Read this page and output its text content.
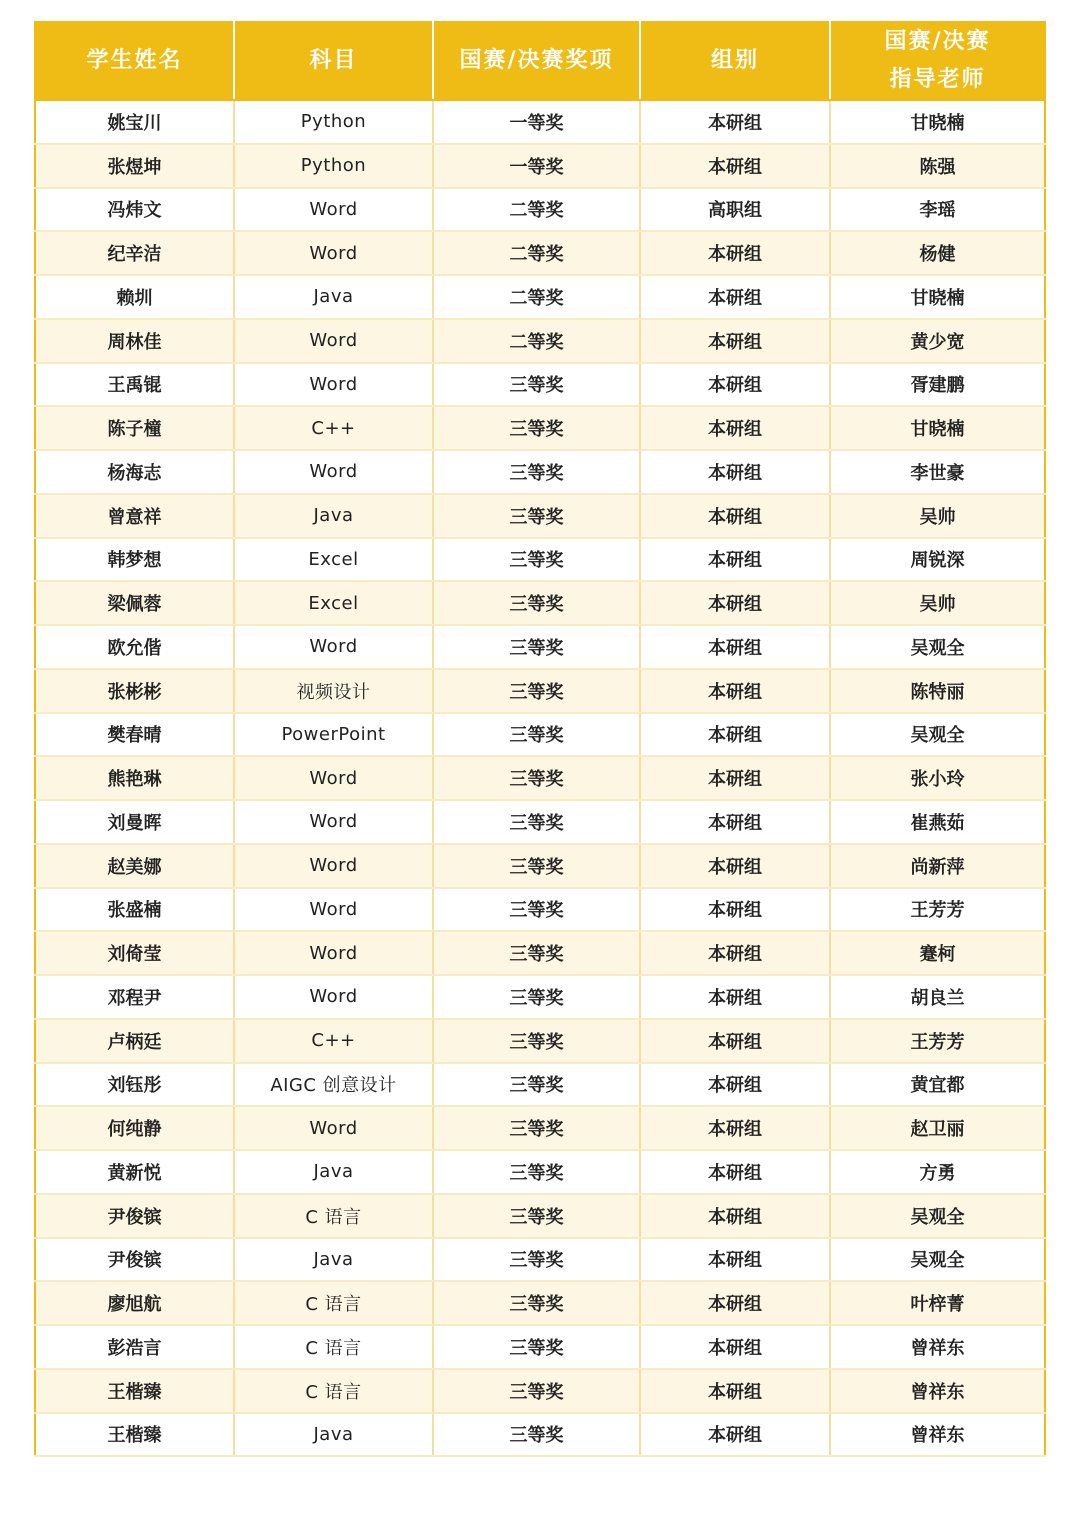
学生姓名	科目	国赛/决赛奖项	组别	国赛/决赛
指导老师

姚宝川	Python	一等奖	本研组	甘晓楠
张煜坤	Python	一等奖	本研组	陈强
冯炜文	Word	二等奖	高职组	李瑶
纪辛洁	Word	二等奖	本研组	杨健
赖圳	Java	二等奖	本研组	甘晓楠
周林佳	Word	二等奖	本研组	黄少宽
王禹锟	Word	三等奖	本研组	胥建鹏
陈子橦	C++	三等奖	本研组	甘晓楠
杨海志	Word	三等奖	本研组	李世豪
曾意祥	Java	三等奖	本研组	吴帅
韩梦想	Excel	三等奖	本研组	周锐深
梁佩蓉	Excel	三等奖	本研组	吴帅
欧允偕	Word	三等奖	本研组	吴观全
张彬彬	视频设计	三等奖	本研组	陈特丽
樊春晴	PowerPoint	三等奖	本研组	吴观全
熊艳琳	Word	三等奖	本研组	张小玲
刘曼晖	Word	三等奖	本研组	崔燕茹
赵美娜	Word	三等奖	本研组	尚新萍
张盛楠	Word	三等奖	本研组	王芳芳
刘倚莹	Word	三等奖	本研组	蹇柯
邓程尹	Word	三等奖	本研组	胡良兰
卢柄廷	C++	三等奖	本研组	王芳芳
刘钰彤	AIGC 创意设计	三等奖	本研组	黄宜都
何纯静	Word	三等奖	本研组	赵卫丽
黄新悦	Java	三等奖	本研组	方勇
尹俊镔	C 语言	三等奖	本研组	吴观全
尹俊镔	Java	三等奖	本研组	吴观全
廖旭航	C 语言	三等奖	本研组	叶梓菁
彭浩言	C 语言	三等奖	本研组	曾祥东
王楷臻	C 语言	三等奖	本研组	曾祥东
王楷臻	Java	三等奖	本研组	曾祥东
